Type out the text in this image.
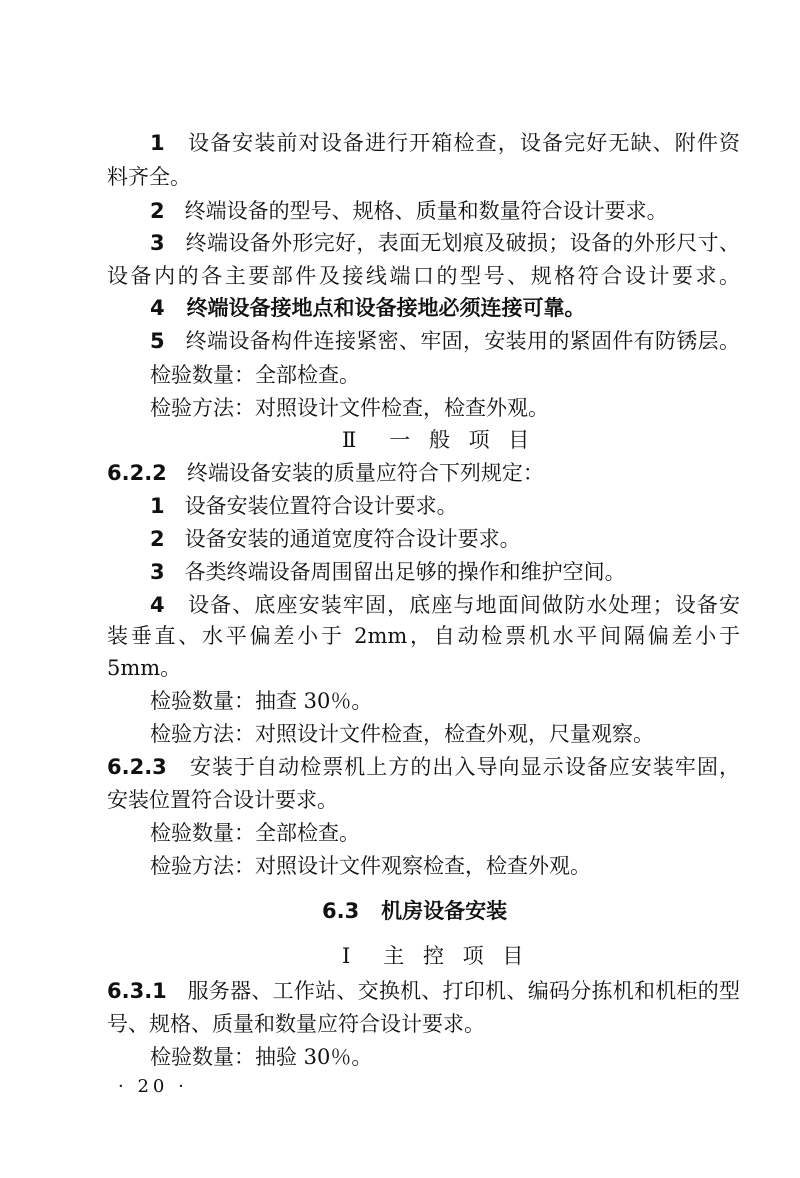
1 设备安装前对设备进行开箱检查，设备完好无缺、附件资
料齐全。
2 终端设备的型号、规格、质量和数量符合设计要求。
3 终端设备外形完好，表面无划痕及破损；设备的外形尺寸、
设备内的各主要部件及接线端口的型号、规格符合设计要求。
4 终端设备接地点和设备接地必须连接可靠。
5 终端设备构件连接紧密、牢固，安装用的紧固件有防锈层。
检验数量：全部检查。
检验方法：对照设计文件检查，检查外观。
Ⅱ　一 般 项 目
6.2.2 终端设备安装的质量应符合下列规定：
1 设备安装位置符合设计要求。
2 设备安装的通道宽度符合设计要求。
3 各类终端设备周围留出足够的操作和维护空间。
4 设备、底座安装牢固，底座与地面间做防水处理；设备安
装垂直、水平偏差小于 2mm，自动检票机水平间隔偏差小于
5mm。
检验数量：抽查 30％。
检验方法：对照设计文件检查，检查外观，尺量观察。
6.2.3 安装于自动检票机上方的出入导向显示设备应安装牢固，
安装位置符合设计要求。
检验数量：全部检查。
检验方法：对照设计文件观察检查，检查外观。
6.3 机房设备安装
Ⅰ　主 控 项 目
6.3.1 服务器、工作站、交换机、打印机、编码分拣机和机柜的型
号、规格、质量和数量应符合设计要求。
检验数量：抽验 30％。
· 20 ·
